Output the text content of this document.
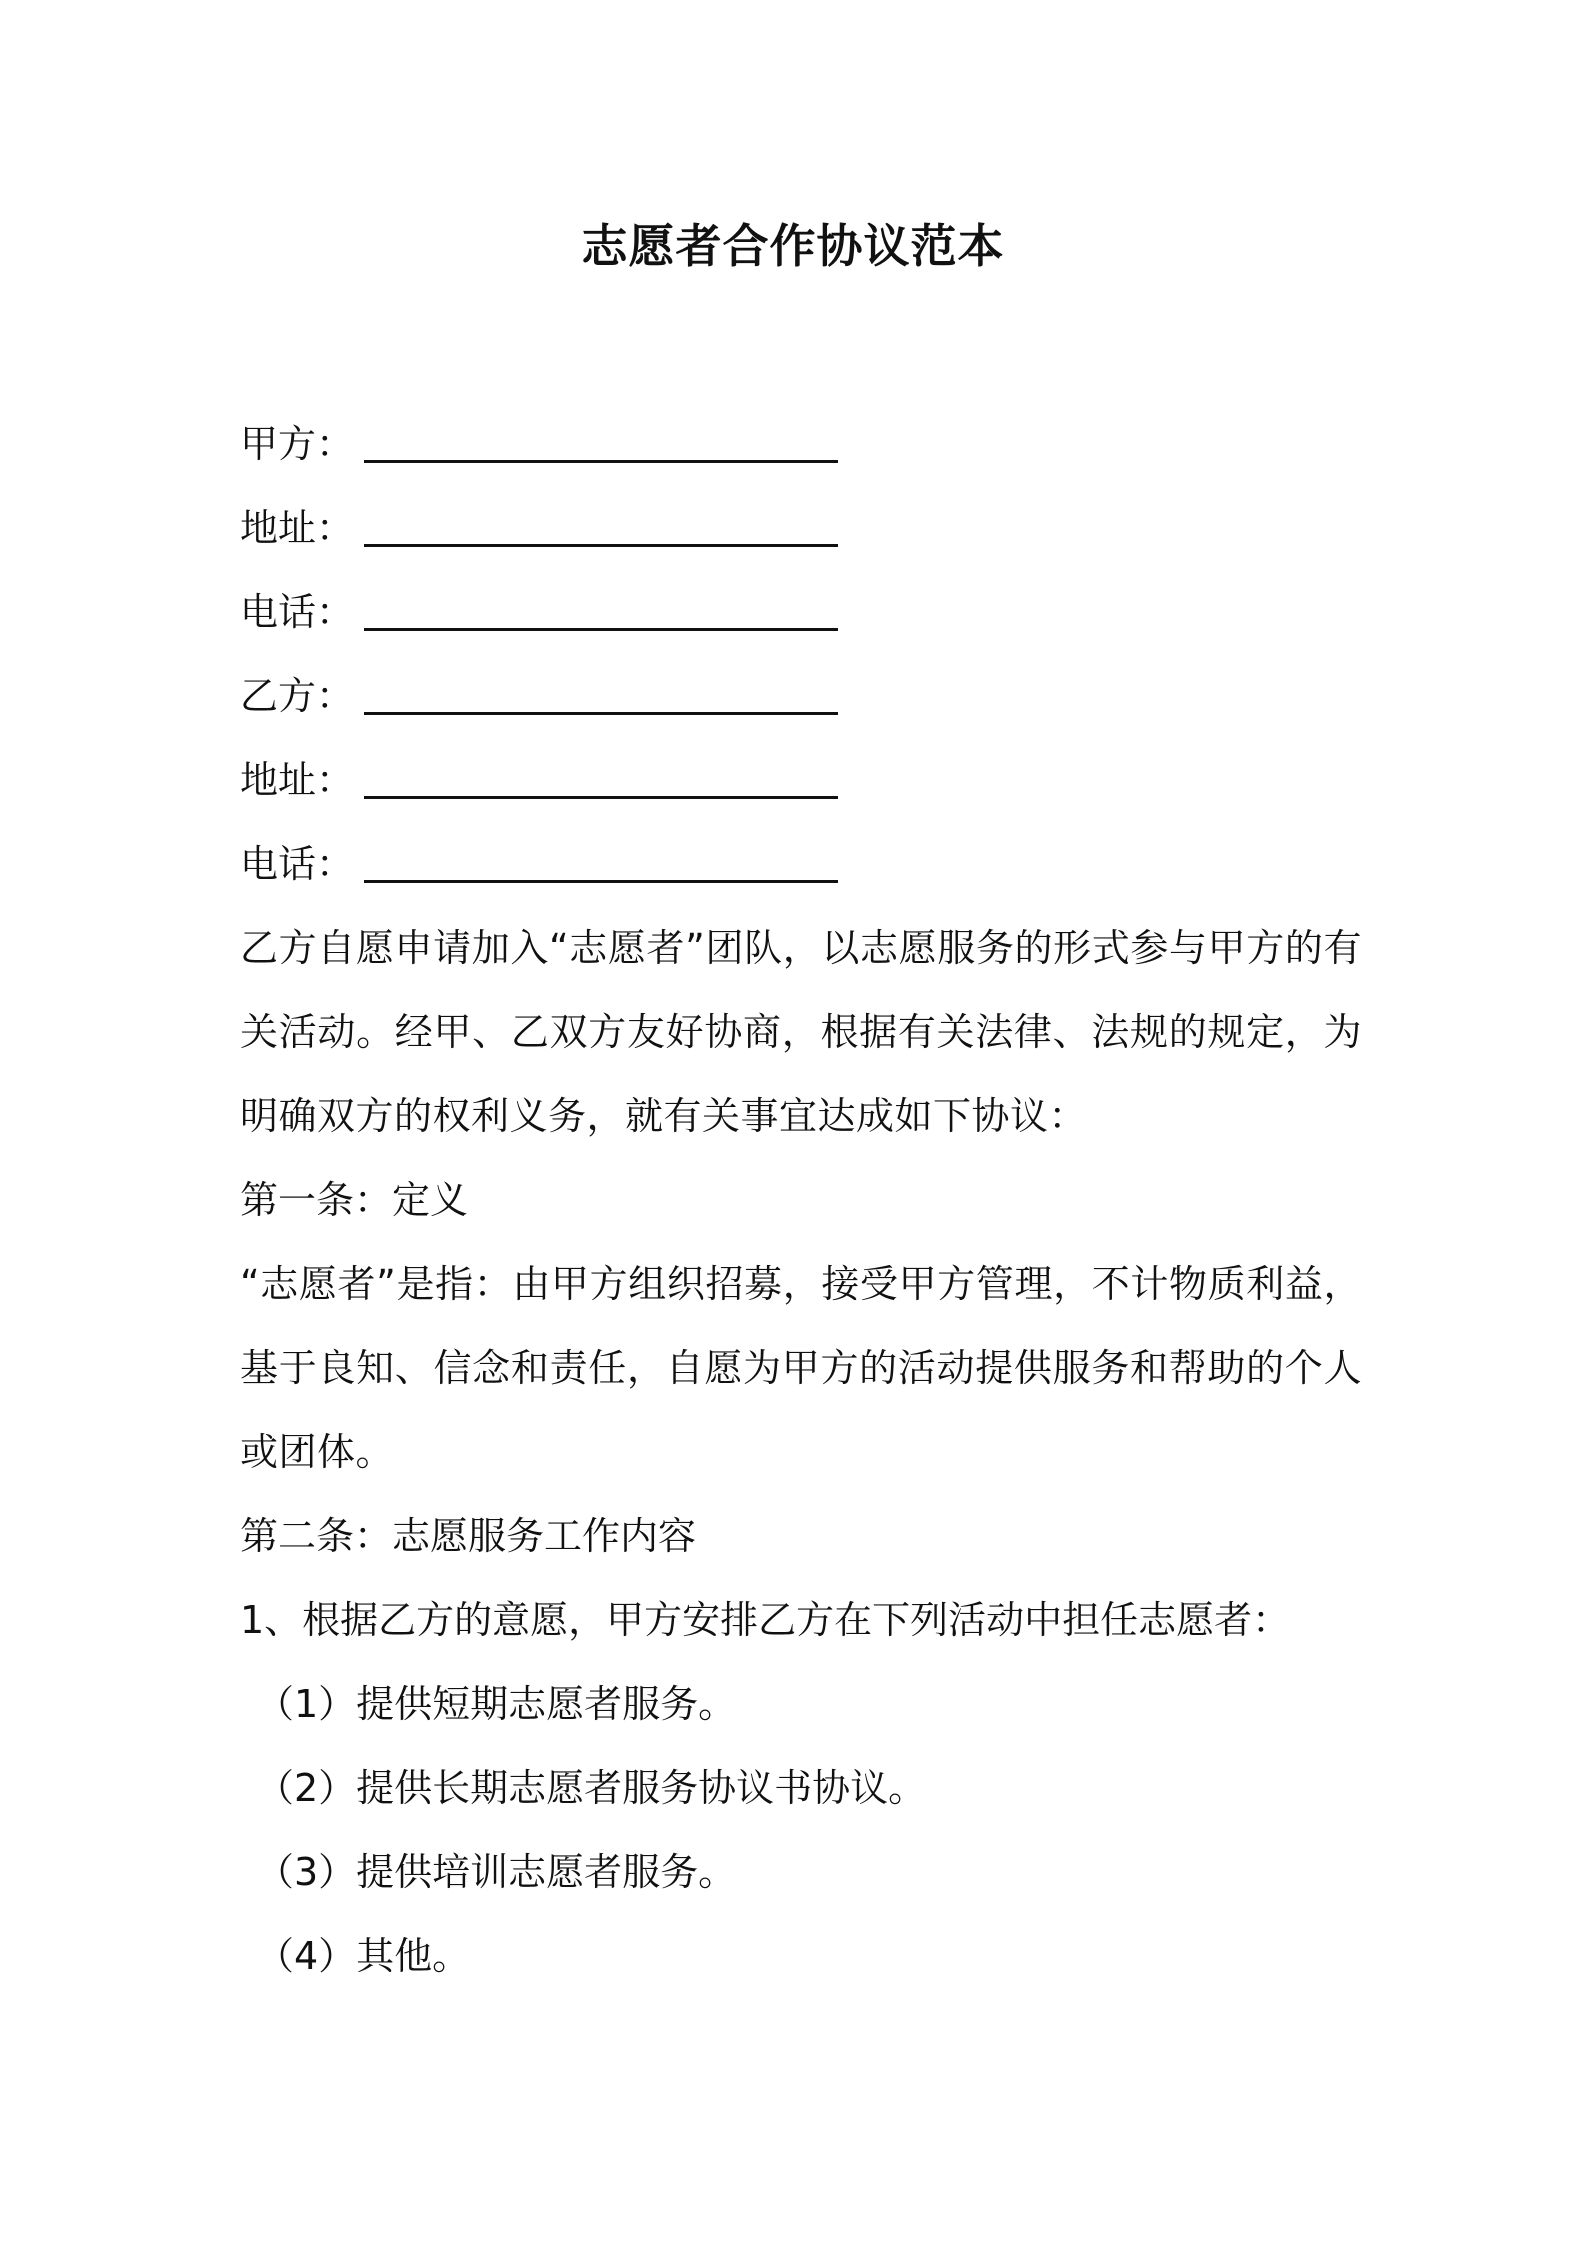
志愿者合作协议范本
甲方：
地址：
电话：
乙方：
地址：
电话：
乙方自愿申请加入“志愿者”团队，以志愿服务的形式参与甲方的有关活动。经甲、乙双方友好协商，根据有关法律、法规的规定，为明确双方的权利义务，就有关事宜达成如下协议：
第一条：定义
“志愿者”是指：由甲方组织招募，接受甲方管理，不计物质利益，基于良知、信念和责任，自愿为甲方的活动提供服务和帮助的个人或团体。
第二条：志愿服务工作内容
1、根据乙方的意愿，甲方安排乙方在下列活动中担任志愿者：
（1）提供短期志愿者服务。
（2）提供长期志愿者服务协议书协议。
（3）提供培训志愿者服务。
（4）其他。
